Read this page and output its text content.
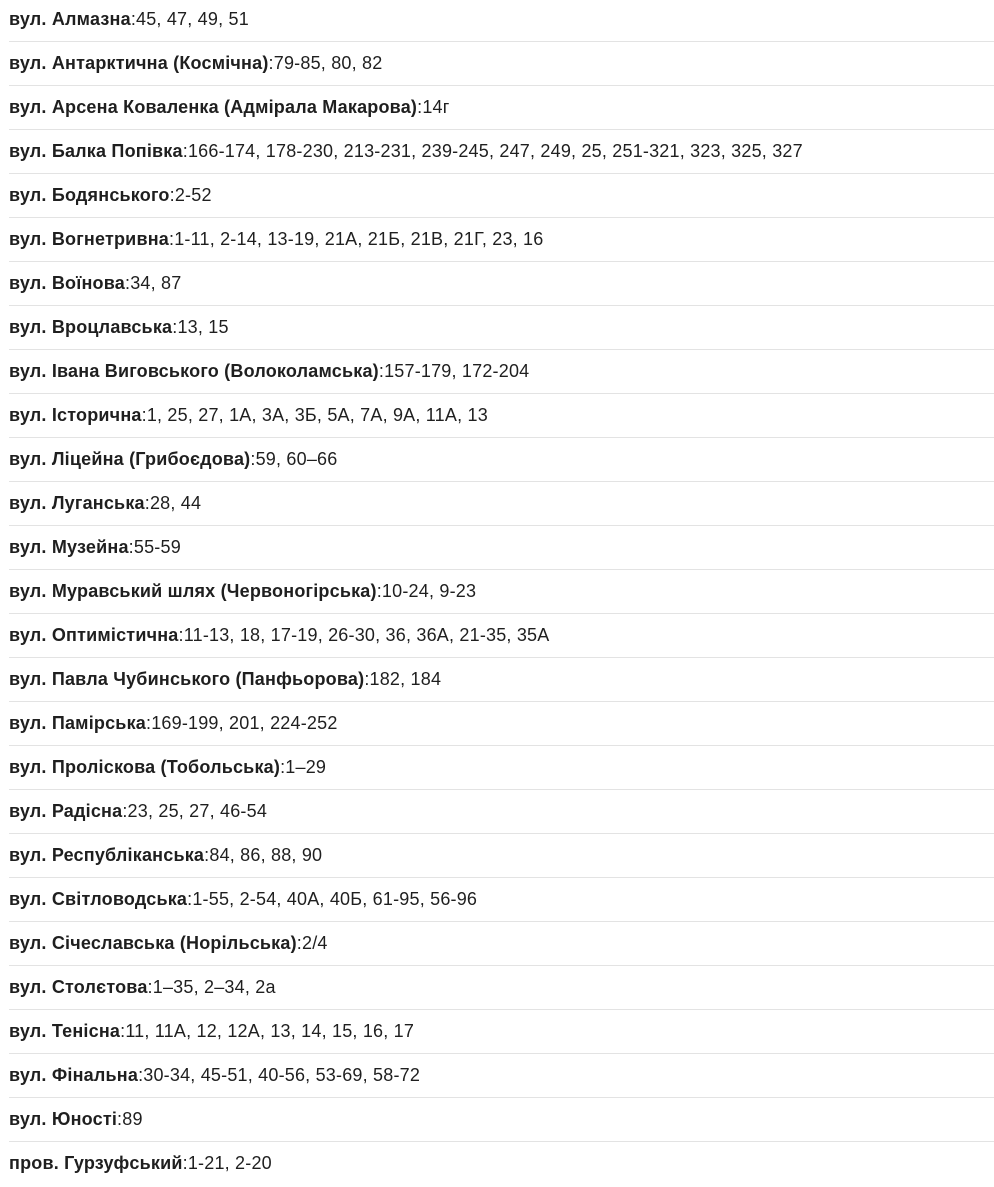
вул. Алмазна : 45, 47, 49, 51
вул. Антарктична (Космічна) : 79-85, 80, 82
вул. Арсена Коваленка (Адмірала Макарова) : 14г
вул. Балка Попівка : 166-174, 178-230, 213-231, 239-245, 247, 249, 25, 251-321, 323, 325, 327
вул. Бодянського : 2-52
вул. Вогнетривна : 1-11, 2-14, 13-19, 21А, 21Б, 21В, 21Г, 23, 16
вул. Воїнова : 34, 87
вул. Вроцлавська : 13, 15
вул. Івана Виговського (Волоколамська) : 157-179, 172-204
вул. Історична : 1, 25, 27, 1А, 3А, 3Б, 5А, 7А, 9А, 11А, 13
вул. Ліцейна (Грибоєдова) : 59, 60–66
вул. Луганська : 28, 44
вул. Музейна : 55-59
вул. Муравський шлях (Червоногірська) : 10-24, 9-23
вул. Оптимістична : 11-13, 18, 17-19, 26-30, 36, 36А, 21-35, 35А
вул. Павла Чубинського (Панфьорова) : 182, 184
вул. Памірська : 169-199, 201, 224-252
вул. Проліскова (Тобольська) : 1–29
вул. Радісна : 23, 25, 27, 46-54
вул. Республіканська : 84, 86, 88, 90
вул. Світловодська : 1-55, 2-54, 40А, 40Б, 61-95, 56-96
вул. Січеславська (Норільська) : 2/4
вул. Столєтова : 1–35, 2–34, 2а
вул. Тенісна : 11, 11А, 12, 12А, 13, 14, 15, 16, 17
вул. Фінальна : 30-34, 45-51, 40-56, 53-69, 58-72
вул. Юності : 89
пров. Гурзуфський : 1-21, 2-20
